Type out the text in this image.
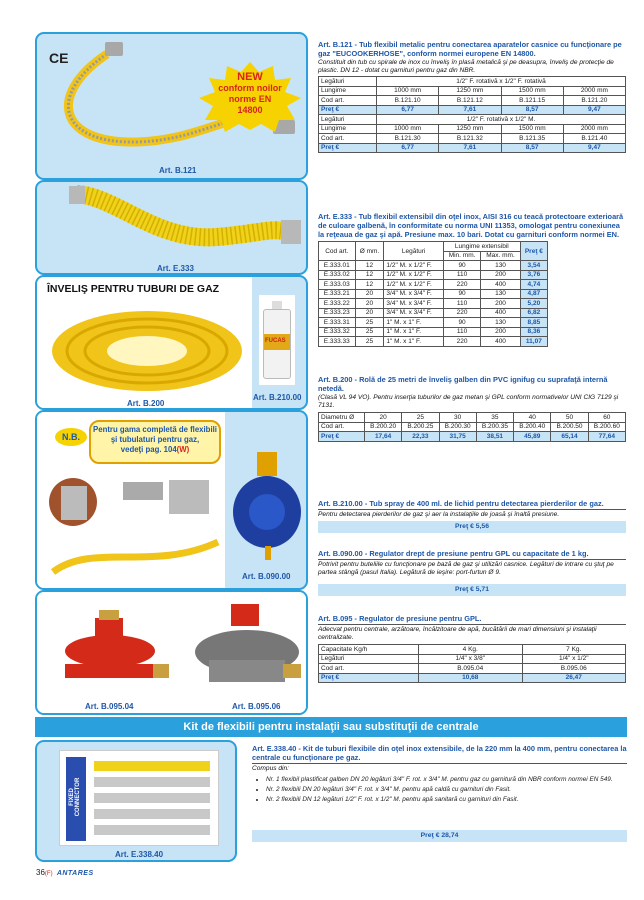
CE
NEW
conform noilor
norme EN 14800
Art. B.121
Art. E.333
ÎNVELIŞ PENTRU TUBURI DE GAZ
FUCAS
Art. B.200
Art. B.210.00
N.B.
Pentru gama completă de flexibili
şi tubulaturi pentru gaz,
vedeţi pag. 104(W)
Art. B.090.00
Art. B.095.04	Art. B.095.06
Art. B.121 - Tub flexibil metalic pentru conectarea aparatelor casnice cu funcţionare pe gaz "EUCOOKERHOSE", conform normei europene EN 14800.
Constituit din tub cu spirale de inox cu înveliş în plasă metalică şi pe deasupra, înveliş de protecţie de plastic. DN 12 - dotat cu garnituri pentru gaz din NBR.
Legături	1/2" F. rotativă x 1/2" F. rotativă			
Lungime	1000 mm	1250 mm	1500 mm	2000 mm
Cod art.	B.121.10	B.121.12	B.121.15	B.121.20
Preţ €	6,77	7,61	8,57	9,47
Legături	1/2" F. rotativă x 1/2" M.			
Lungime	1000 mm	1250 mm	1500 mm	2000 mm
Cod art.	B.121.30	B.121.32	B.121.35	B.121.40
Preţ €	6,77	7,61	8,57	9,47
Art. E.333 - Tub flexibil extensibil din oţel inox, AISI 316 cu teacă protectoare exterioară de culoare galbenă, în conformitate cu norma UNI 11353, omologat pentru conexiunea la reţeaua de gaz şi apă. Presiune max. 10 bari. Dotat cu garnituri conform normei EN.
Cod art.	Ø mm.	Legături	Lungime extensibil		Preţ €
			Min. mm.	Max. mm.	
E.333.01	12	1/2" M. x 1/2" F.	90	130	3,54
E.333.02	12	1/2" M. x 1/2" F.	110	200	3,76
E.333.03	12	1/2" M. x 1/2" F.	220	400	4,74
E.333.21	20	3/4" M. x 3/4" F.	90	130	4,87
E.333.22	20	3/4" M. x 3/4" F.	110	200	5,20
E.333.23	20	3/4" M. x 3/4" F.	220	400	6,82
E.333.31	25	1" M. x 1" F.	90	130	8,85
E.333.32	25	1" M. x 1" F.	110	200	8,36
E.333.33	25	1" M. x 1" F.	220	400	11,07
Art. B.200 - Rolă de 25 metri de înveliş galben din PVC ignifug cu suprafaţă internă netedă.
(Clasă VL 94 VO). Pentru inserţia tuburilor de gaz metan şi GPL conform normativelor UNI CIG 7129 şi 7131.
Diametru Ø	20	25	30	35	40	50	60
Cod art.	B.200.20	B.200.25	B.200.30	B.200.35	B.200.40	B.200.50	B.200.60
Preţ €	17,64	22,33	31,75	38,51	45,89	65,14	77,64
Art. B.210.00 - Tub spray de 400 ml. de lichid pentru detectarea pierderilor de gaz.
Pentru detectarea pierderilor de gaz şi aer la instalaţiile de joasă şi înaltă presiune.
Preţ € 5,56
Art. B.090.00 - Regulator drept de presiune pentru GPL cu capacitate de 1 kg.
Potrivit pentru buteliile cu funcţionare pe bază de gaz şi utilizări casnice. Legături de intrare cu ştuţ pe partea stângă (pasul Italia). Legătură de ieşire: port-furtun Ø 9.
Preţ € 5,71
Art. B.095 - Regulator de presiune pentru GPL.
Adecvat pentru centrale, arzătoare, încălzitoare de apă, bucătării de mari dimensiuni şi instalaţii centralizate.
Capacitate Kg/h	4 Kg.	7 Kg.
Legături	1/4" x 3/8"	1/4" x 1/2"
Cod art.	B.095.04	B.095.06
Preţ €	10,68	26,47
Kit de flexibili pentru instalaţii sau substituţii de centrale
FIXED CONNECTOR
Art. E.338.40
Art. E.338.40 - Kit de tuburi flexibile din oţel inox extensibile, de la 220 mm la 400 mm, pentru conectarea la centrale cu funcţionare pe gaz.
Compus din:
• Nr. 1 flexibil plastificat galben DN 20 legături 3/4" F. rot. x 3/4" M. pentru gaz cu garnitură din NBR conform normei EN 549.
• Nr. 2 flexibili DN 20 legături 3/4" F. rot. x 3/4" M. pentru apă caldă cu garnituri din Fasit.
• Nr. 2 flexibili DN 12 legături 1/2" F. rot. x 1/2" M. pentru apă sanitară cu garnituri din Fasit.
Preţ € 28,74
36(F) ANTARES
